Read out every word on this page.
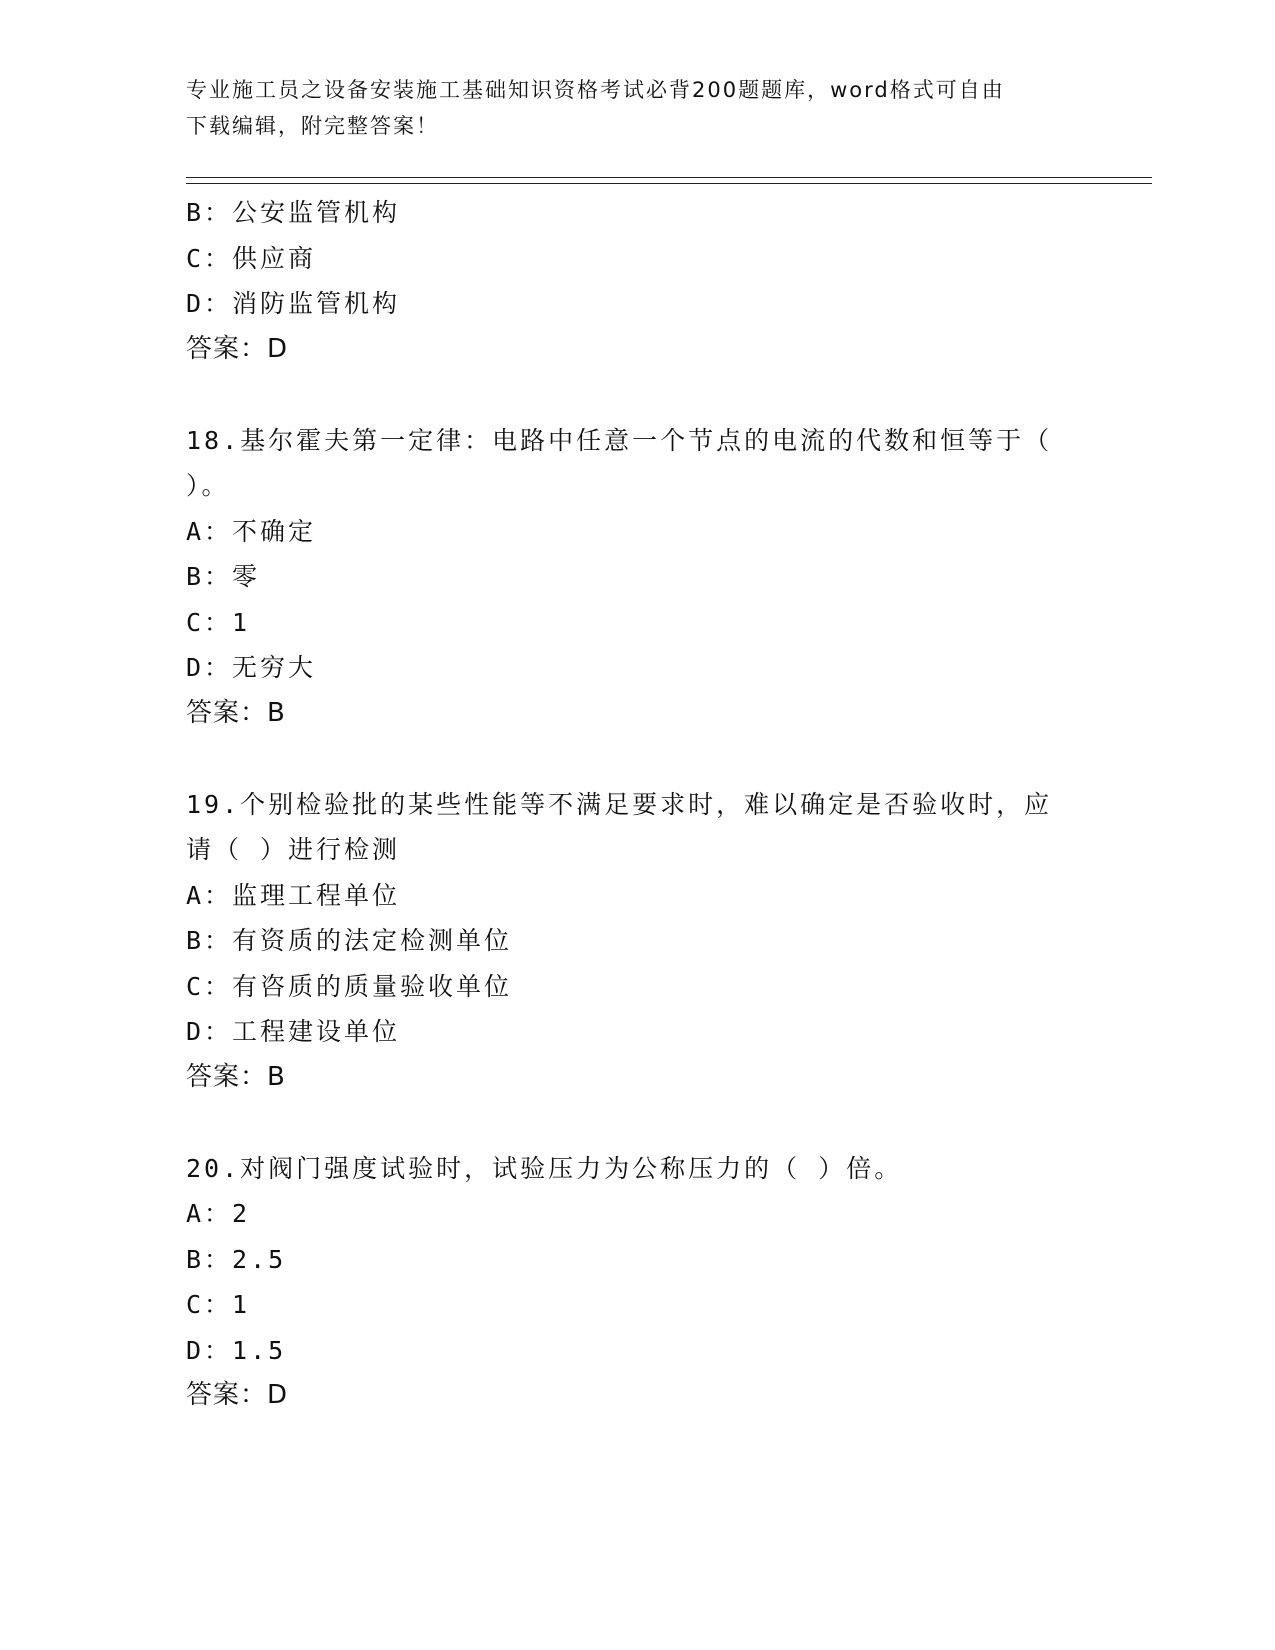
专业施工员之设备安装施工基础知识资格考试必背200题题库，word格式可自由
下载编辑，附完整答案！
B：公安监管机构
C：供应商
D：消防监管机构
答案：D
18.基尔霍夫第一定律：电路中任意一个节点的电流的代数和恒等于（
）。
A：不确定
B：零
C：1
D：无穷大
答案：B
19.个别检验批的某些性能等不满足要求时，难以确定是否验收时，应
请（ ）进行检测
A：监理工程单位
B：有资质的法定检测单位
C：有咨质的质量验收单位
D：工程建设单位
答案：B
20.对阀门强度试验时，试验压力为公称压力的（ ）倍。
A：2
B：2.5
C：1
D：1.5
答案：D
